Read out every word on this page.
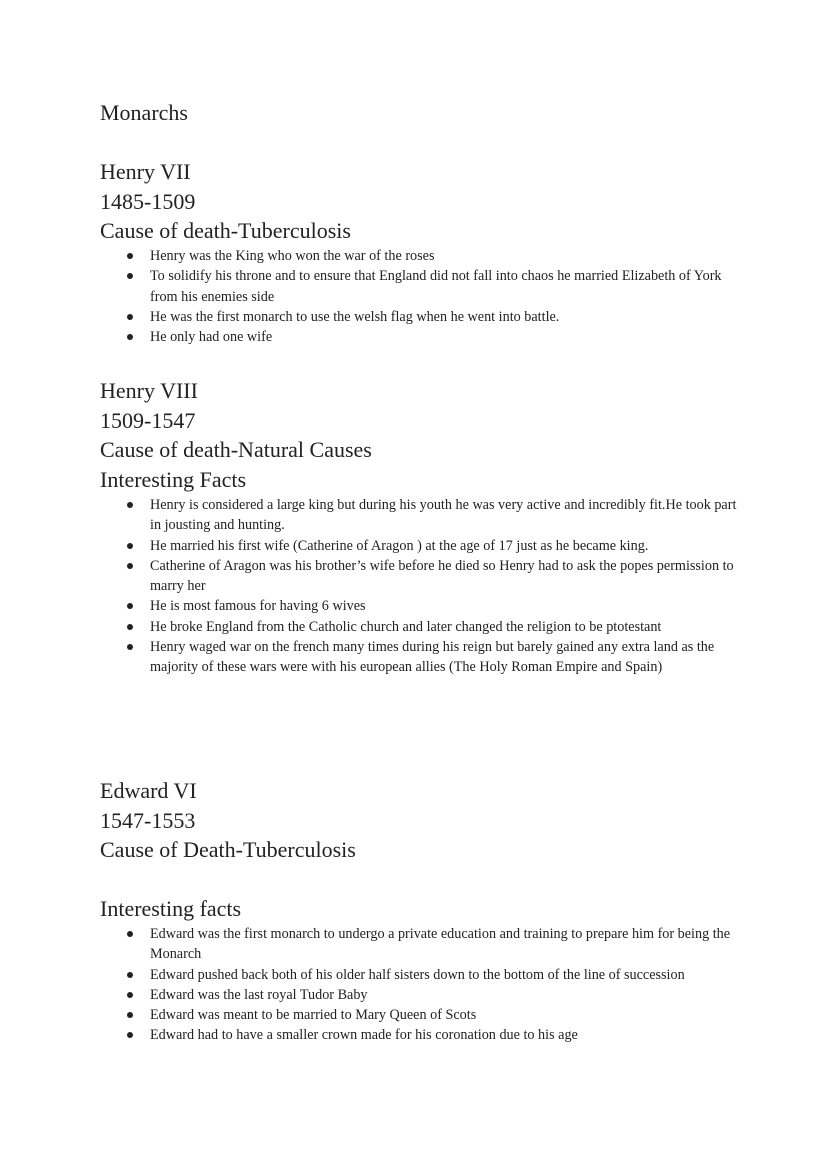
Monarchs
Henry VII
1485-1509
Cause of death-Tuberculosis
Henry was the King who won the war of the roses
To solidify his throne and to ensure that England did not fall into chaos he married Elizabeth of York from his enemies side
He was the first monarch to use the welsh flag when he went into battle.
He only had one wife
Henry VIII
1509-1547
Cause of death-Natural Causes
Interesting Facts
Henry is considered a large king but during his youth he was very active and incredibly fit.He took part in jousting and hunting.
He married his first wife (Catherine of Aragon ) at the age of 17 just as he became king.
Catherine of Aragon was his brother’s wife before he died so Henry had to ask the popes permission to marry her
He is most famous for having 6 wives
He broke England from the Catholic church and later changed the religion to be ptotestant
Henry waged war on the french many times during his reign but barely gained any extra land as the majority of these wars were with his european allies (The Holy Roman Empire and Spain)
Edward VI
1547-1553
Cause of Death-Tuberculosis
Interesting facts
Edward was the first monarch to undergo a private education and training to prepare him for being the Monarch
Edward pushed back both of his older half sisters down to the bottom of the line of succession
Edward was the last royal Tudor Baby
Edward was meant to be married to Mary Queen of Scots
Edward had to have a smaller crown made for his coronation due to his age
